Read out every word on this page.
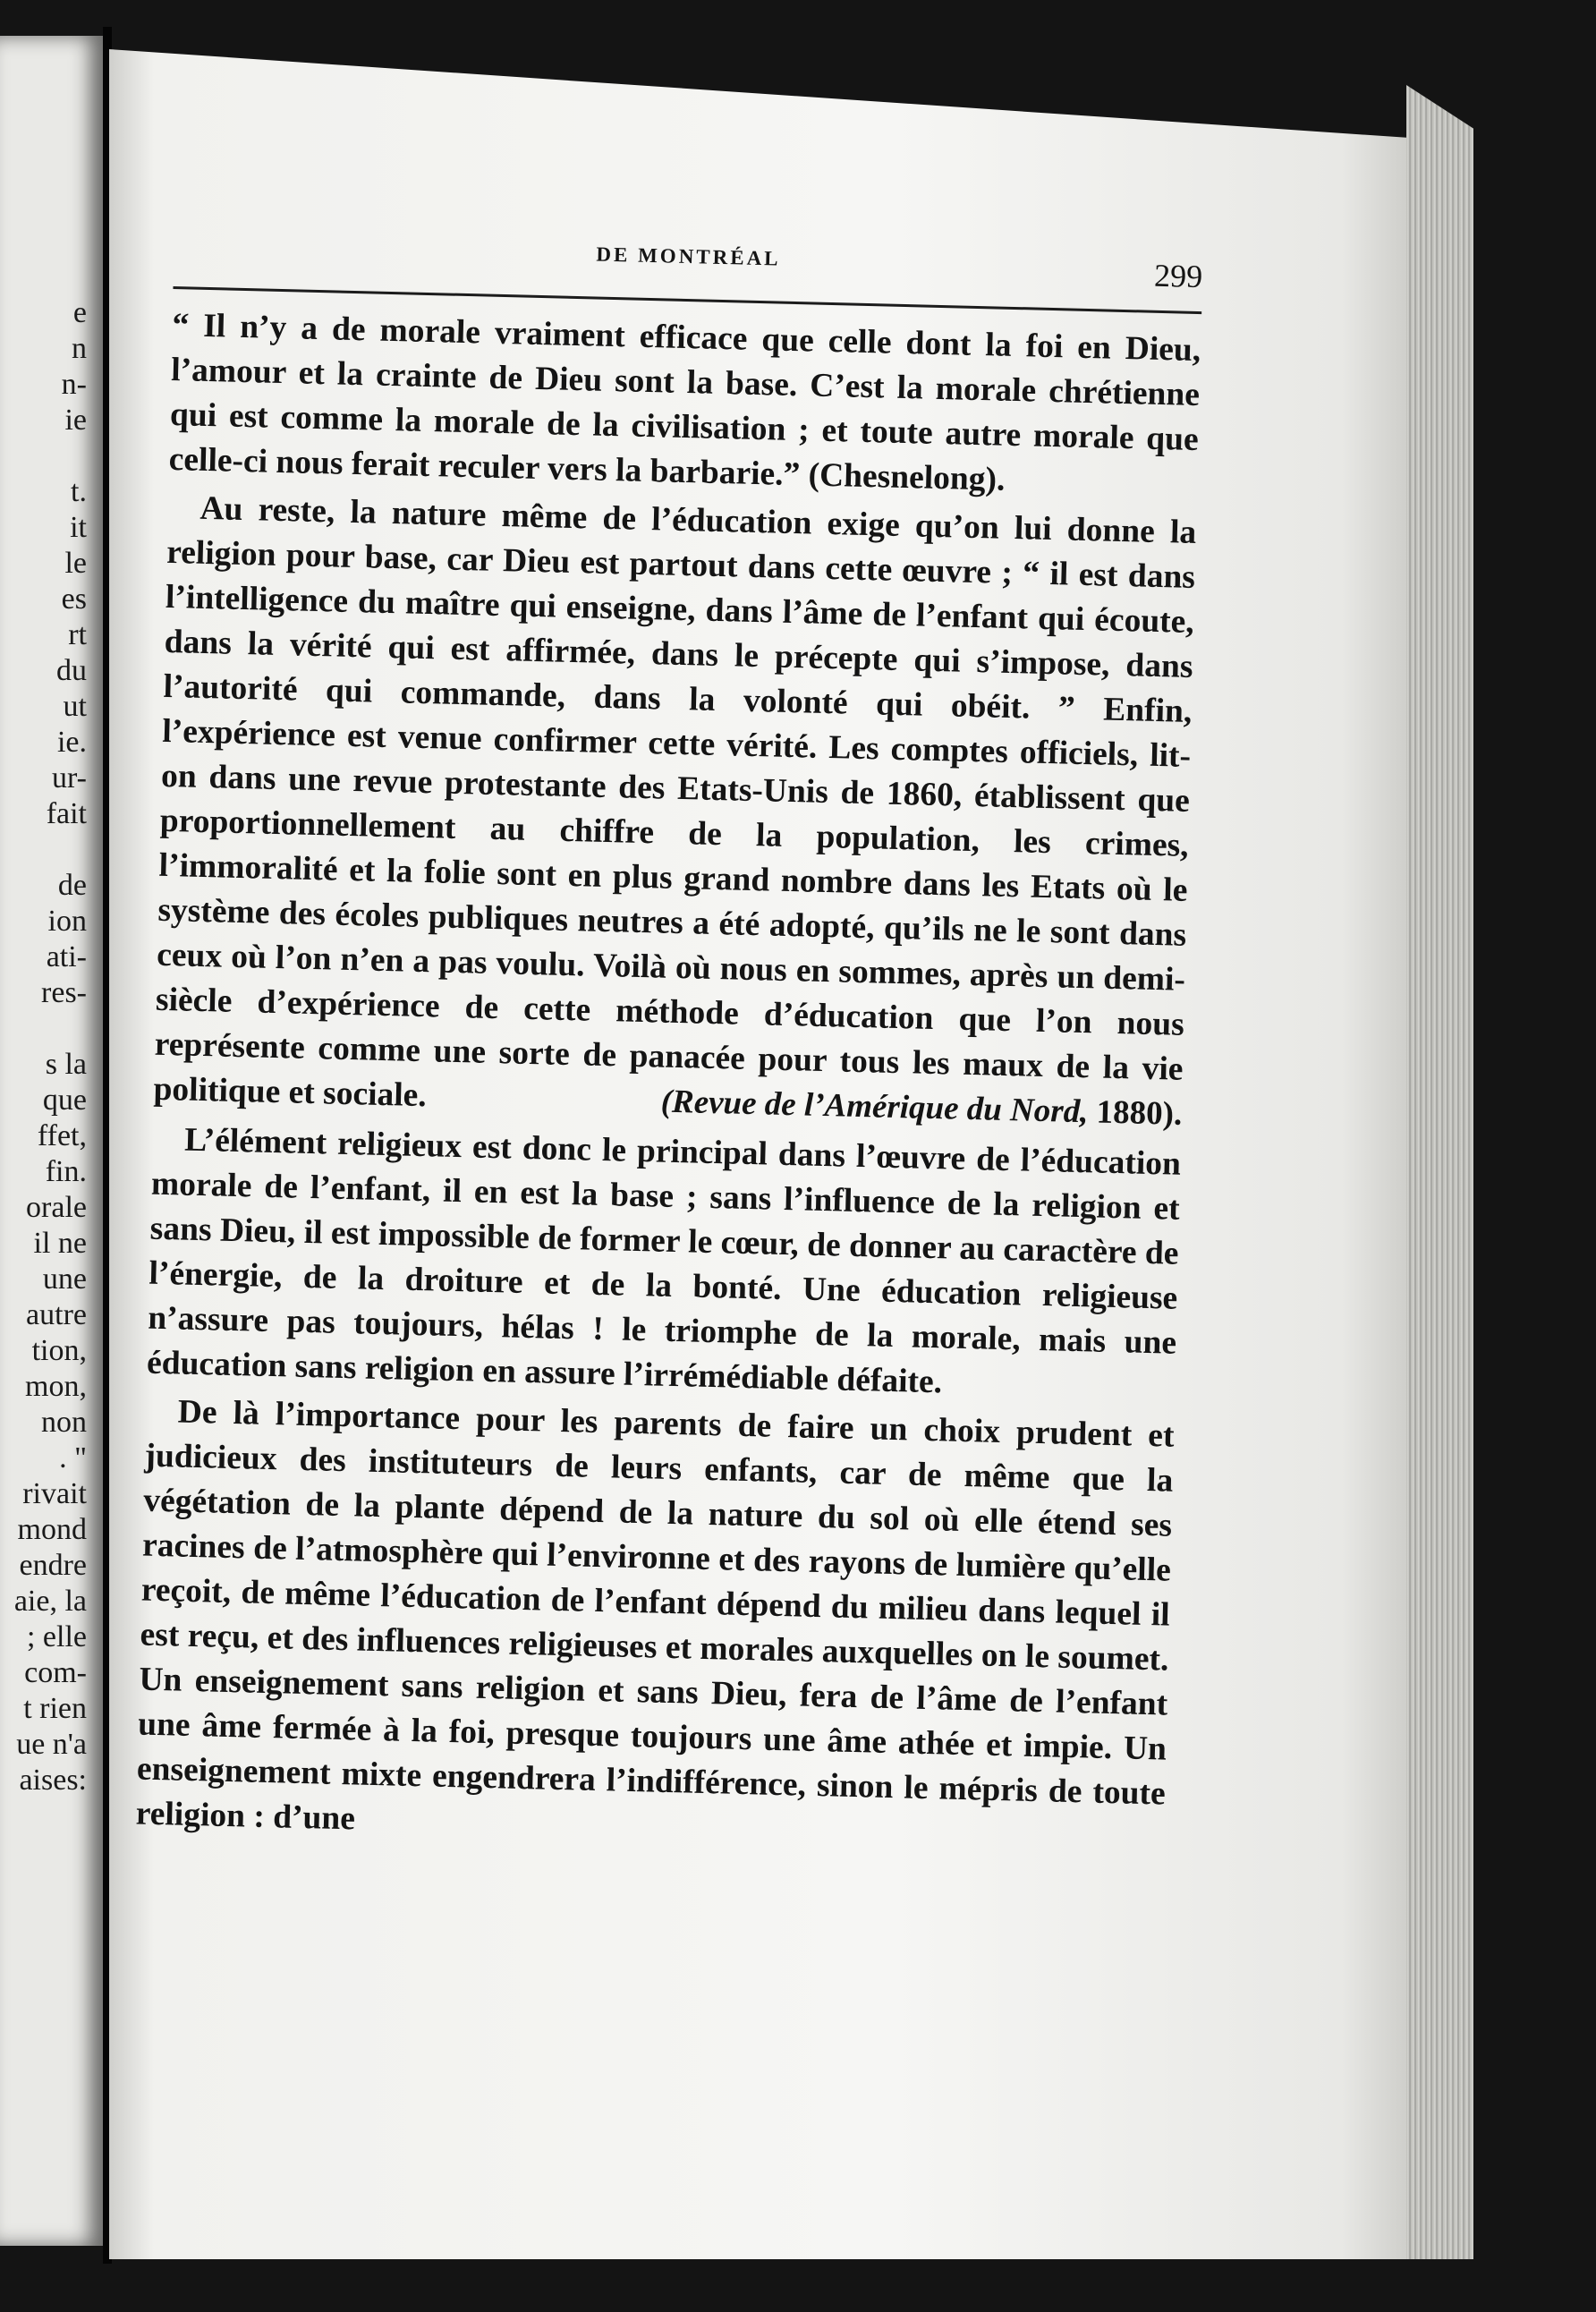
e
n
n-
ie

t.
it
le
es
rt
du
ut
ie.
ur-
fait

de
ion
ati-
res-

s la
que
ffet,
fin.
orale
il ne
une
autre
tion,
mon,
non
. "
rivait
mond
endre
aie, la
; elle
com-
t rien
ue n'a
aises:
DE MONTRÉAL
299

“ Il n’y a de morale vraiment efficace que celle dont la foi en Dieu, l’amour et la crainte de Dieu sont la base. C’est la morale chrétienne qui est comme la morale de la civilisation ; et toute autre morale que celle-ci nous ferait reculer vers la barbarie.” (Chesnelong).

Au reste, la nature même de l’éducation exige qu’on lui donne la religion pour base, car Dieu est partout dans cette œuvre ; “ il est dans l’intelligence du maître qui enseigne, dans l’âme de l’enfant qui écoute, dans la vérité qui est affirmée, dans le précepte qui s’impose, dans l’autorité qui commande, dans la volonté qui obéit. ” Enfin, l’expérience est venue confirmer cette vérité. Les comptes officiels, lit-on dans une revue protestante des Etats-Unis de 1860, établissent que proportionnellement au chiffre de la population, les crimes, l’immoralité et la folie sont en plus grand nombre dans les Etats où le système des écoles publiques neutres a été adopté, qu’ils ne le sont dans ceux où l’on n’en a pas voulu. Voilà où nous en sommes, après un demi-siècle d’expérience de cette méthode d’éducation que l’on nous représente comme une sorte de panacée pour tous les maux de la vie politique et sociale.	(Revue de l’Amérique du Nord, 1880).

L’élément religieux est donc le principal dans l’œuvre de l’éducation morale de l’enfant, il en est la base ; sans l’influence de la religion et sans Dieu, il est impossible de former le cœur, de donner au caractère de l’énergie, de la droiture et de la bonté. Une éducation religieuse n’assure pas toujours, hélas ! le triomphe de la morale, mais une éducation sans religion en assure l’irrémédiable défaite.

De là l’importance pour les parents de faire un choix prudent et judicieux des instituteurs de leurs enfants, car de même que la végétation de la plante dépend de la nature du sol où elle étend ses racines de l’atmosphère qui l’environne et des rayons de lumière qu’elle reçoit, de même l’éducation de l’enfant dépend du milieu dans lequel il est reçu, et des influences religieuses et morales auxquelles on le soumet. Un enseignement sans religion et sans Dieu, fera de l’âme de l’enfant une âme fermée à la foi, presque toujours une âme athée et impie. Un enseignement mixte engendrera l’indifférence, sinon le mépris de toute religion : d’une
